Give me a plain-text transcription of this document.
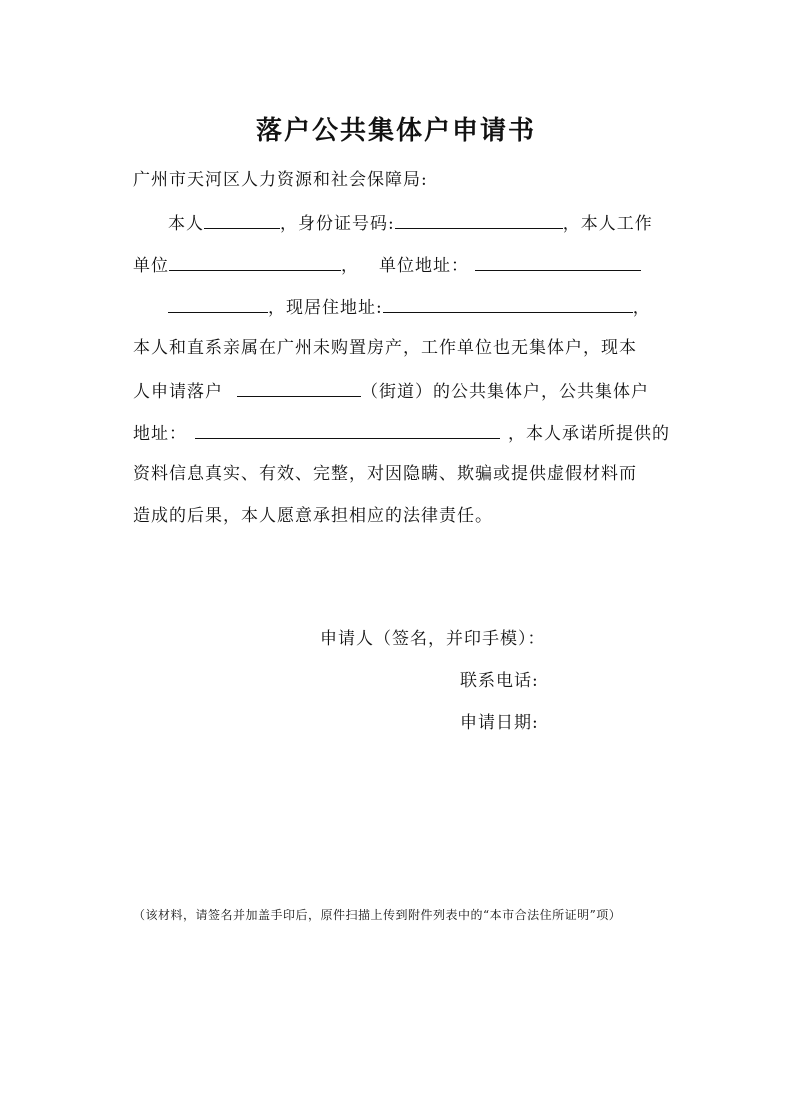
落户公共集体户申请书
广州市天河区人力资源和社会保障局:
本人	，身份证号码:	，本人工作
单位	， 单位地址：
，现居住地址:	，
本人和直系亲属在广州未购置房产，工作单位也无集体户，现本
人申请落户	（街道）的公共集体户，公共集体户
地址：	，本人承诺所提供的
资料信息真实、有效、完整，对因隐瞒、欺骗或提供虚假材料而
造成的后果，本人愿意承担相应的法律责任。
申请人（签名，并印手模）：
联系电话:
申请日期:
（该材料，请签名并加盖手印后，原件扫描上传到附件列表中的“本市合法住所证明”项）
